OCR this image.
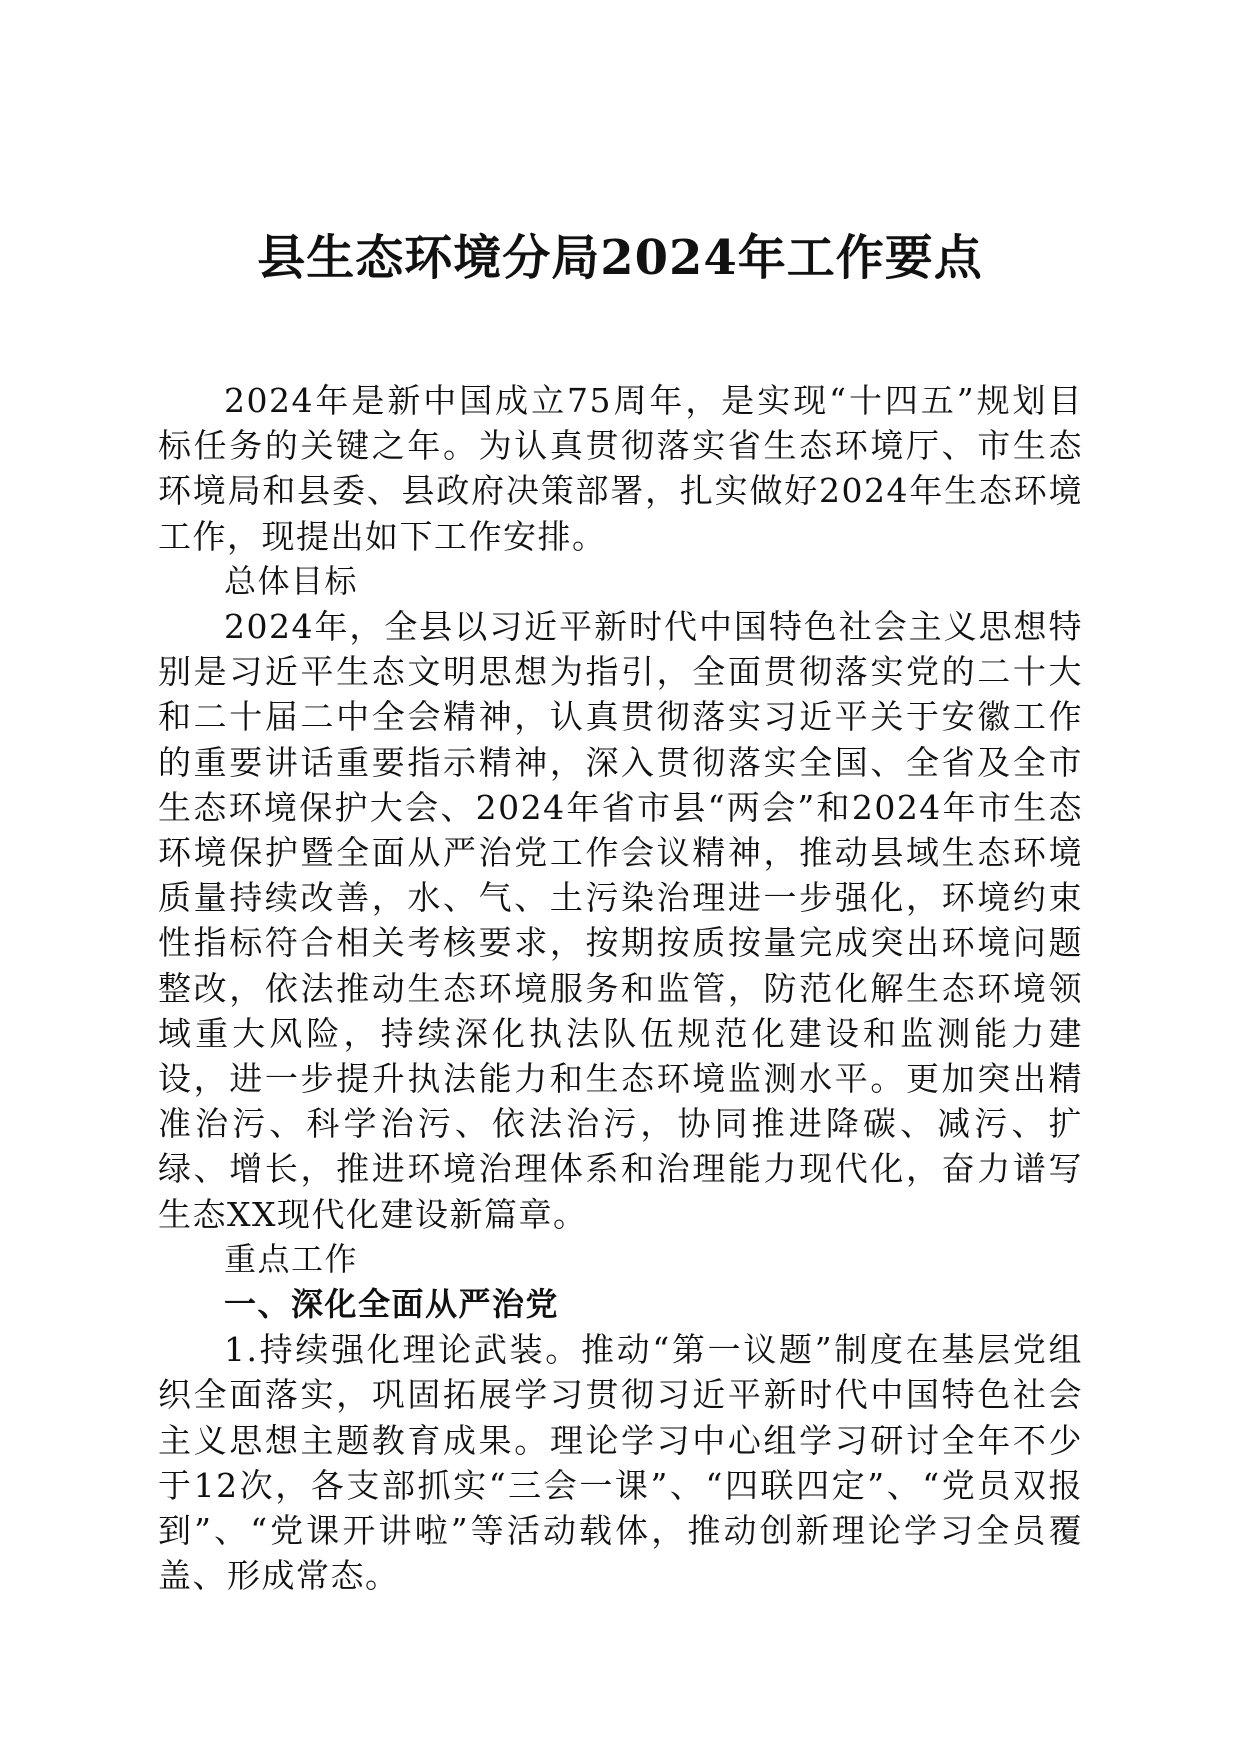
县生态环境分局2024年工作要点

2024年是新中国成立75周年，是实现“十四五”规划目标任务的关键之年。为认真贯彻落实省生态环境厅、市生态环境局和县委、县政府决策部署，扎实做好2024年生态环境工作，现提出如下工作安排。

总体目标

2024年，全县以习近平新时代中国特色社会主义思想特别是习近平生态文明思想为指引，全面贯彻落实党的二十大和二十届二中全会精神，认真贯彻落实习近平关于安徽工作的重要讲话重要指示精神，深入贯彻落实全国、全省及全市生态环境保护大会、2024年省市县“两会”和2024年市生态环境保护暨全面从严治党工作会议精神，推动县域生态环境质量持续改善，水、气、土污染治理进一步强化，环境约束性指标符合相关考核要求，按期按质按量完成突出环境问题整改，依法推动生态环境服务和监管，防范化解生态环境领域重大风险，持续深化执法队伍规范化建设和监测能力建设，进一步提升执法能力和生态环境监测水平。更加突出精准治污、科学治污、依法治污，协同推进降碳、减污、扩绿、增长，推进环境治理体系和治理能力现代化，奋力谱写生态XX现代化建设新篇章。

重点工作

一、深化全面从严治党

1.持续强化理论武装。推动“第一议题”制度在基层党组织全面落实，巩固拓展学习贯彻习近平新时代中国特色社会主义思想主题教育成果。理论学习中心组学习研讨全年不少于12次，各支部抓实“三会一课”、“四联四定”、“党员双报到”、“党课开讲啦”等活动载体，推动创新理论学习全员覆盖、形成常态。
